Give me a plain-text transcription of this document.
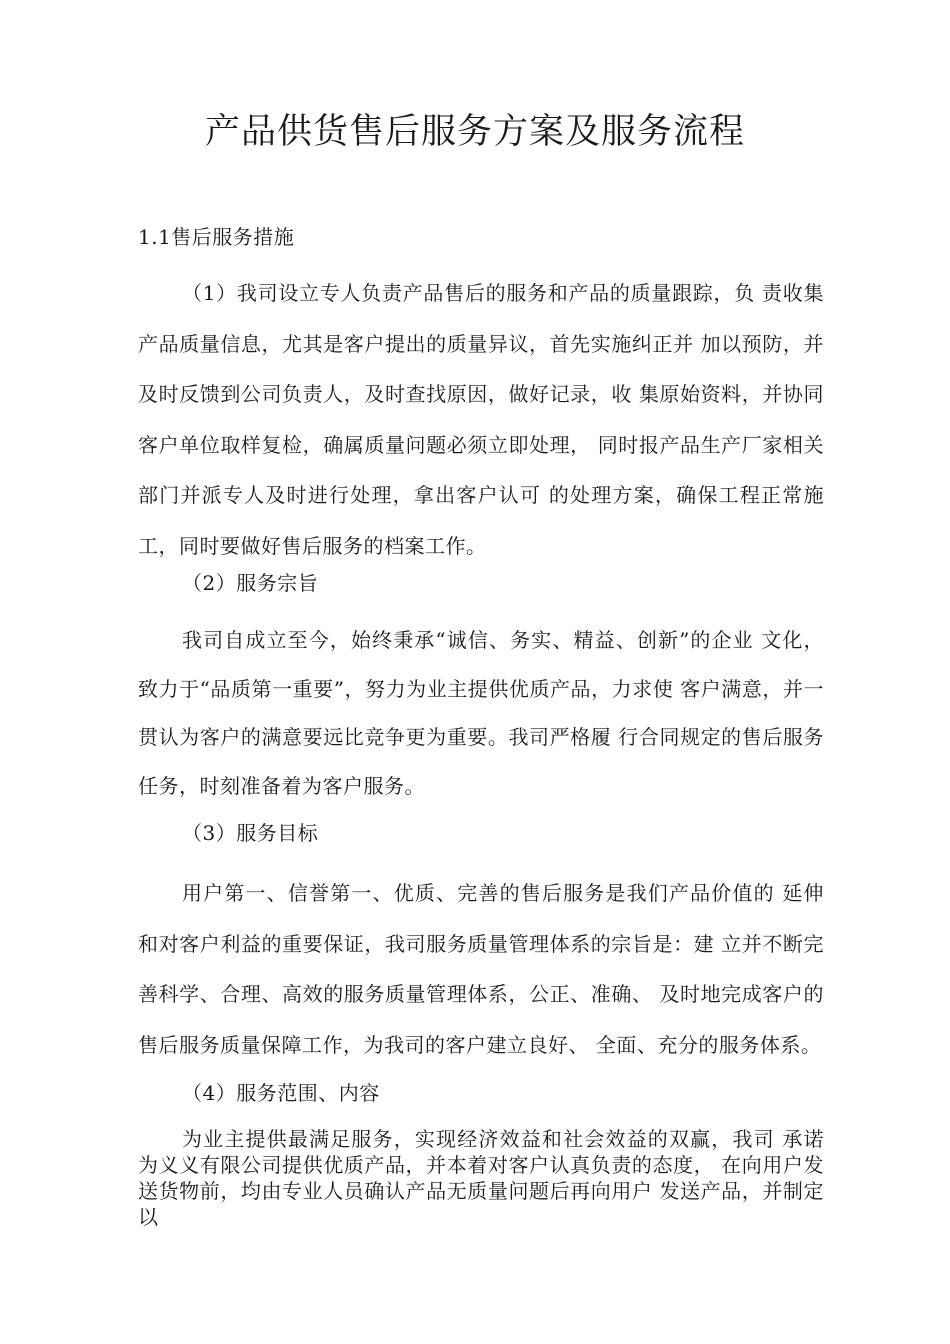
产品供货售后服务方案及服务流程

1.1售后服务措施

（1）我司设立专人负责产品售后的服务和产品的质量跟踪，负 责收集产品质量信息，尤其是客户提出的质量异议，首先实施纠正并 加以预防，并及时反馈到公司负责人，及时查找原因，做好记录，收 集原始资料，并协同客户单位取样复检，确属质量问题必须立即处理， 同时报产品生产厂家相关部门并派专人及时进行处理，拿出客户认可 的处理方案，确保工程正常施工，同时要做好售后服务的档案工作。

（2）服务宗旨

我司自成立至今，始终秉承“诚信、务实、精益、创新”的企业 文化，致力于“品质第一重要”，努力为业主提供优质产品，力求使 客户满意，并一贯认为客户的满意要远比竞争更为重要。我司严格履 行合同规定的售后服务任务，时刻准备着为客户服务。

（3）服务目标

用户第一、信誉第一、优质、完善的售后服务是我们产品价值的 延伸和对客户利益的重要保证，我司服务质量管理体系的宗旨是：建 立并不断完善科学、合理、高效的服务质量管理体系，公正、准确、 及时地完成客户的售后服务质量保障工作，为我司的客户建立良好、 全面、充分的服务体系。

（4）服务范围、内容

为业主提供最满足服务，实现经济效益和社会效益的双赢，我司 承诺为义义有限公司提供优质产品，并本着对客户认真负责的态度， 在向用户发送货物前，均由专业人员确认产品无质量问题后再向用户 发送产品，并制定以
